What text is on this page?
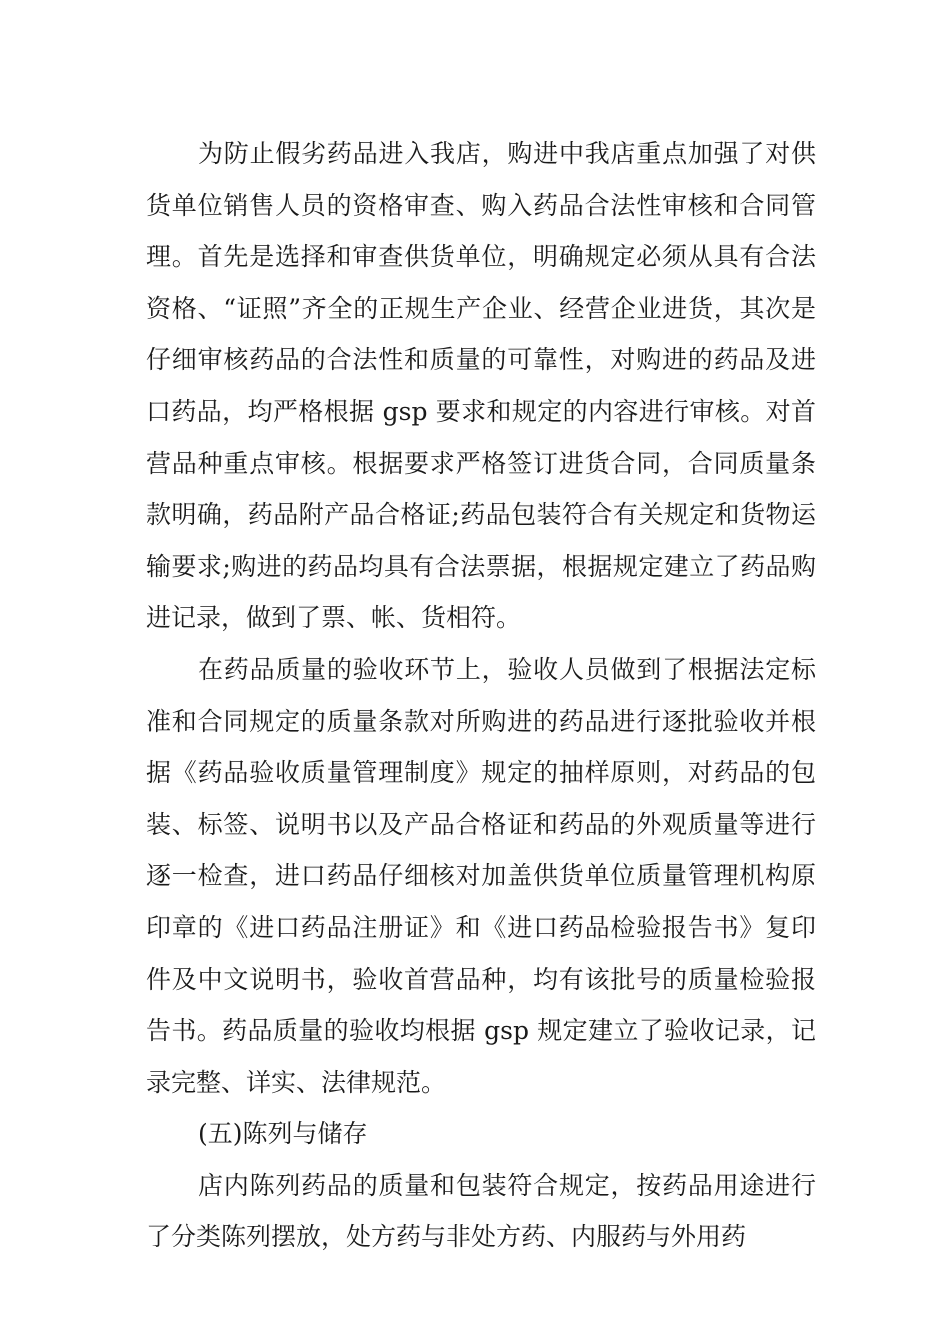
为防止假劣药品进入我店，购进中我店重点加强了对供货单位销售人员的资格审查、购入药品合法性审核和合同管理。首先是选择和审查供货单位，明确规定必须从具有合法资格、“证照”齐全的正规生产企业、经营企业进货，其次是仔细审核药品的合法性和质量的可靠性，对购进的药品及进口药品，均严格根据 gsp 要求和规定的内容进行审核。对首营品种重点审核。根据要求严格签订进货合同，合同质量条款明确，药品附产品合格证;药品包装符合有关规定和货物运输要求;购进的药品均具有合法票据，根据规定建立了药品购进记录，做到了票、帐、货相符。

在药品质量的验收环节上，验收人员做到了根据法定标准和合同规定的质量条款对所购进的药品进行逐批验收并根据《药品验收质量管理制度》规定的抽样原则，对药品的包装、标签、说明书以及产品合格证和药品的外观质量等进行逐一检查，进口药品仔细核对加盖供货单位质量管理机构原印章的《进口药品注册证》和《进口药品检验报告书》复印件及中文说明书，验收首营品种，均有该批号的质量检验报告书。药品质量的验收均根据 gsp 规定建立了验收记录，记录完整、详实、法律规范。

(五)陈列与储存

店内陈列药品的质量和包装符合规定，按药品用途进行了分类陈列摆放，处方药与非处方药、内服药与外用药
